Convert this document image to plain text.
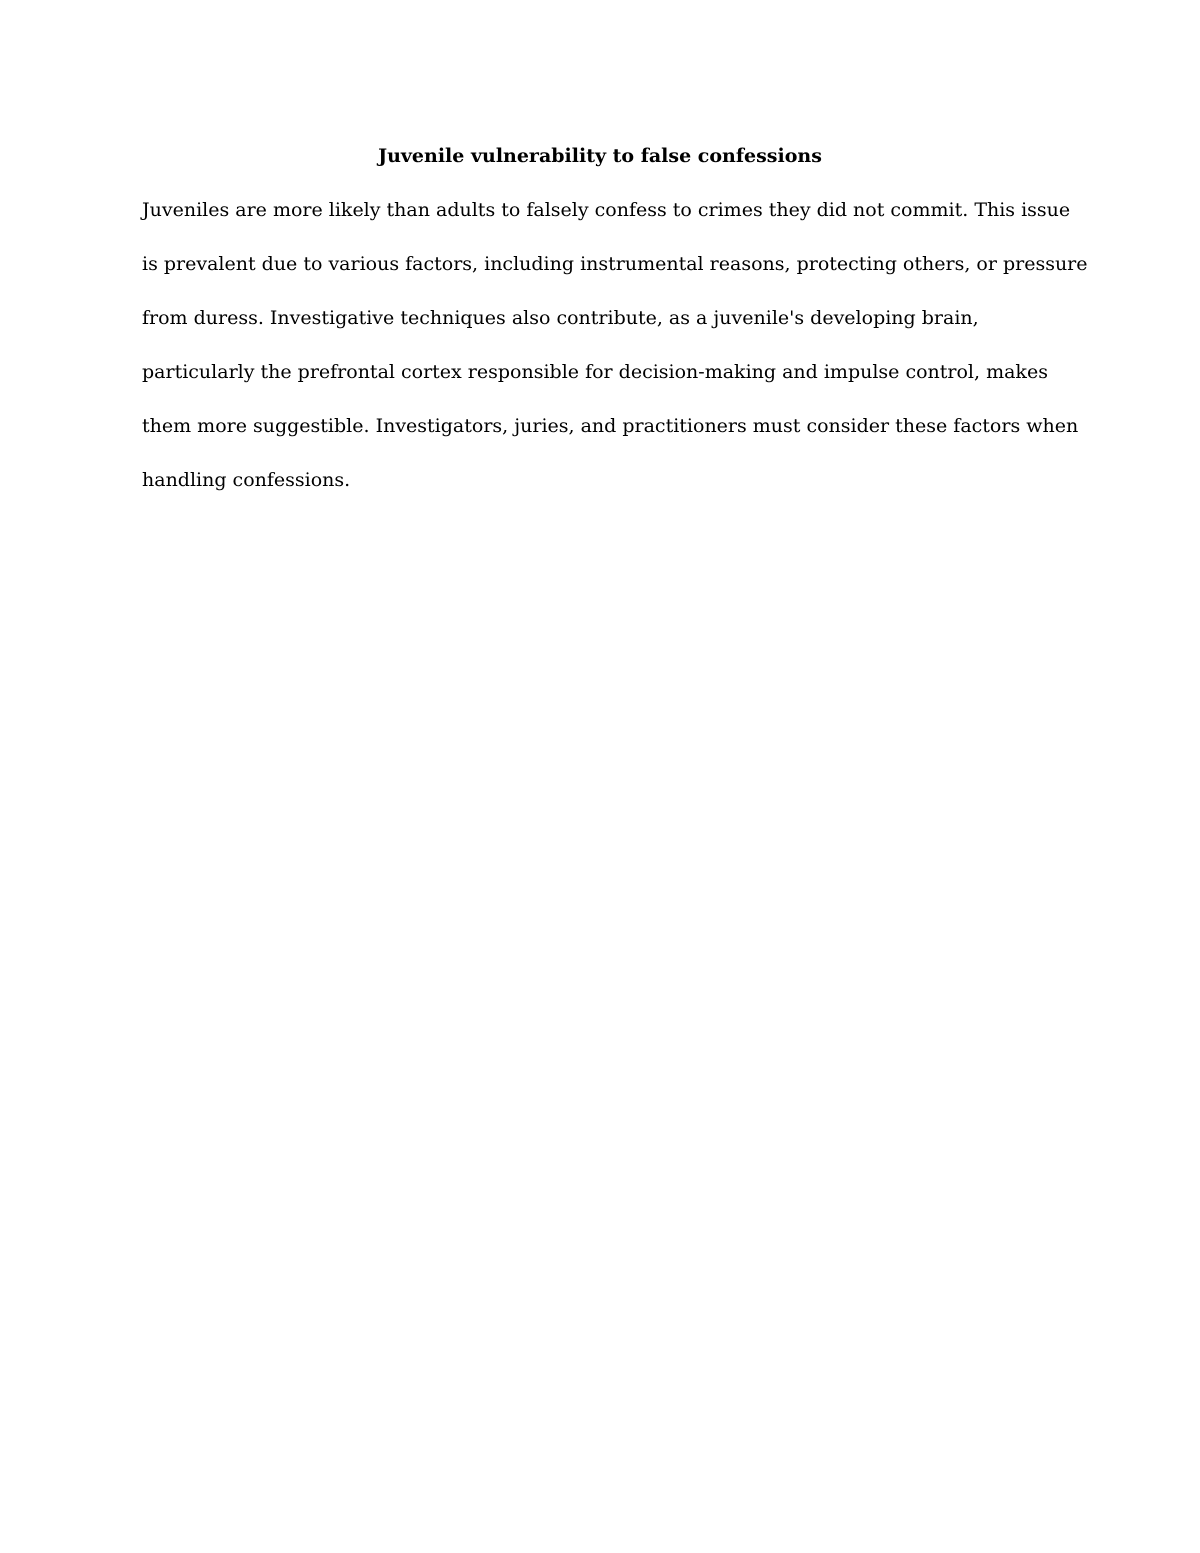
Juvenile vulnerability to false confessions
Juveniles are more likely than adults to falsely confess to crimes they did not commit. This issue
is prevalent due to various factors, including instrumental reasons, protecting others, or pressure
from duress. Investigative techniques also contribute, as a juvenile's developing brain,
particularly the prefrontal cortex responsible for decision-making and impulse control, makes
them more suggestible. Investigators, juries, and practitioners must consider these factors when
handling confessions.
